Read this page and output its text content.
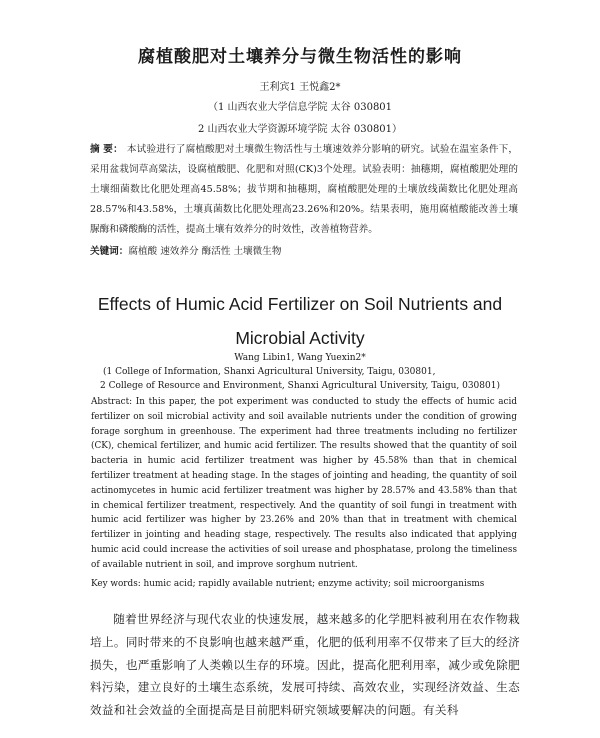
腐植酸肥对土壤养分与微生物活性的影响
王利宾1 王悦鑫2*
（1 山西农业大学信息学院 太谷 030801
2 山西农业大学资源环境学院 太谷 030801）
摘 要： 本试验进行了腐植酸肥对土壤微生物活性与土壤速效养分影响的研究。试验在温室条件下，采用盆栽饲草高粱法，设腐植酸肥、化肥和对照(CK)3个处理。试验表明：抽穗期，腐植酸肥处理的土壤细菌数比化肥处理高45.58%；拔节期和抽穗期，腐植酸肥处理的土壤放线菌数比化肥处理高28.57%和43.58%，土壤真菌数比化肥处理高23.26%和20%。结果表明，施用腐植酸能改善土壤脲酶和磷酸酶的活性，提高土壤有效养分的时效性，改善植物营养。
关键词：腐植酸 速效养分 酶活性 土壤微生物
Effects of Humic Acid Fertilizer on Soil Nutrients and
Microbial Activity
Wang Libin1, Wang Yuexin2*
(1 College of Information, Shanxi Agricultural University, Taigu, 030801,
2 College of Resource and Environment, Shanxi Agricultural University, Taigu, 030801)
Abstract: In this paper, the pot experiment was conducted to study the effects of humic acid fertilizer on soil microbial activity and soil available nutrients under the condition of growing forage sorghum in greenhouse. The experiment had three treatments including no fertilizer (CK), chemical fertilizer, and humic acid fertilizer. The results showed that the quantity of soil bacteria in humic acid fertilizer treatment was higher by 45.58% than that in chemical fertilizer treatment at heading stage. In the stages of jointing and heading, the quantity of soil actinomycetes in humic acid fertilizer treatment was higher by 28.57% and 43.58% than that in chemical fertilizer treatment, respectively. And the quantity of soil fungi in treatment with humic acid fertilizer was higher by 23.26% and 20% than that in treatment with chemical fertilizer in jointing and heading stage, respectively. The results also indicated that applying humic acid could increase the activities of soil urease and phosphatase, prolong the timeliness of available nutrient in soil, and improve sorghum nutrient.
Key words: humic acid; rapidly available nutrient; enzyme activity; soil microorganisms
随着世界经济与现代农业的快速发展，越来越多的化学肥料被利用在农作物栽培上。同时带来的不良影响也越来越严重，化肥的低利用率不仅带来了巨大的经济损失，也严重影响了人类赖以生存的环境。因此，提高化肥利用率，减少或免除肥料污染，建立良好的土壤生态系统，发展可持续、高效农业，实现经济效益、生态效益和社会效益的全面提高是目前肥料研究领域要解决的问题。有关科
